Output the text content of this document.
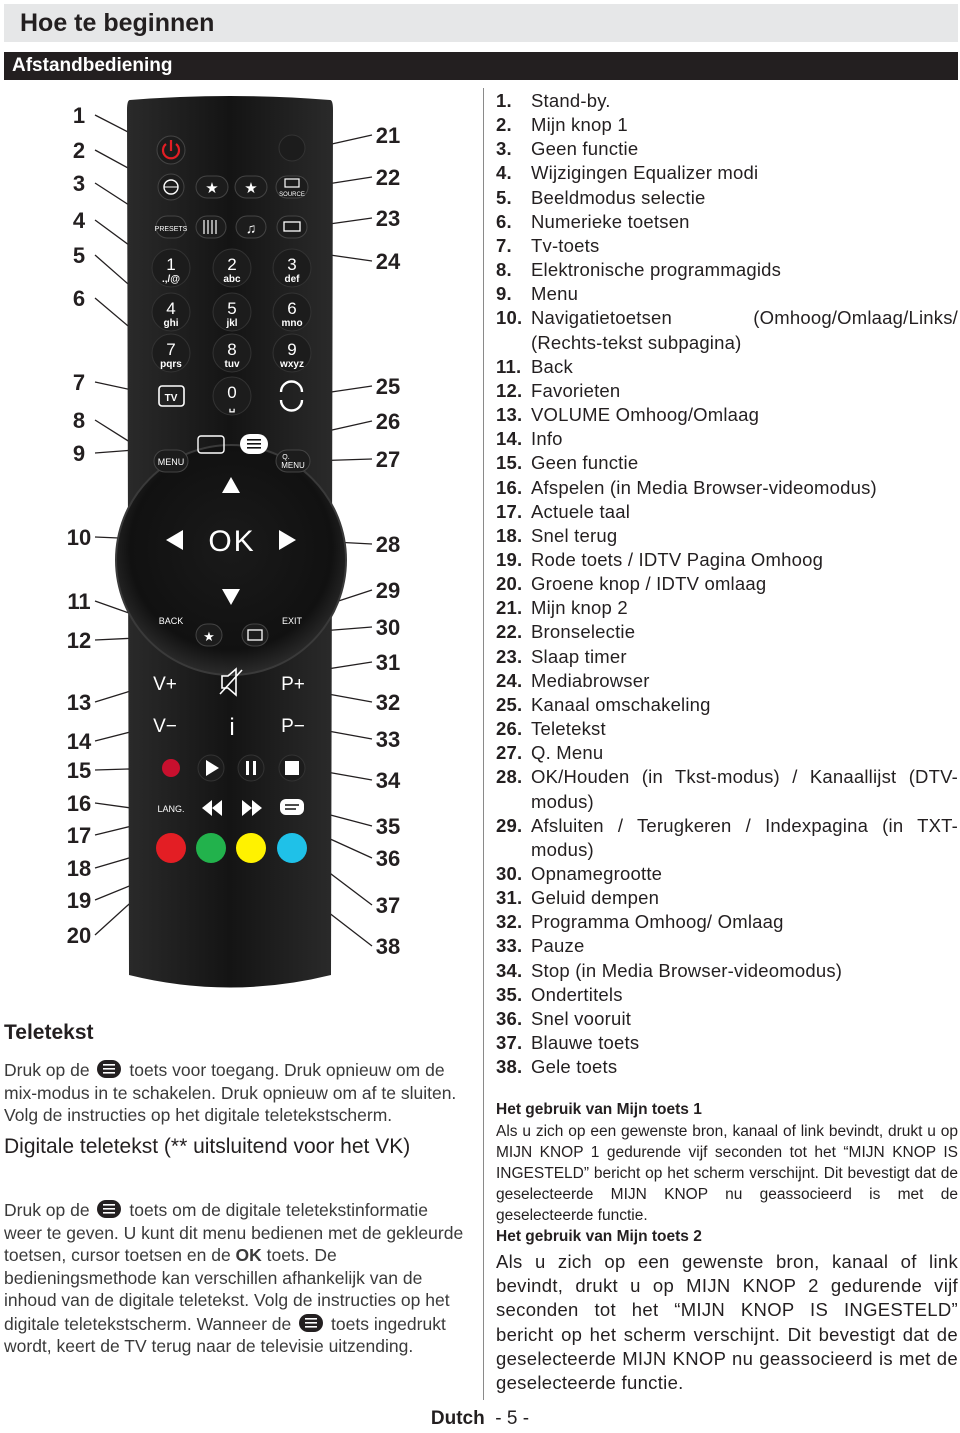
Hoe te beginnen
Afstandbediening
★ ★	SOURCE
PRESETS	♫
1
.,/@
2
abc
3
def
4
ghi
5
jkl
6
mno
7
pqrs
8
tuv
9
wxyz
0
␣
TV
MENU	Q.
MENU
OK
BACK	EXIT
★
V+
V−
P+
P−
i
LANG.
1
2
3
4
5
6
7
8
9
10
11
12
13
14
15
16
17
18
19
20
21
22
23
24
25
26
27
28
29
30
31
32
33
34
35
36
37
38
Teletekst
Druk op de toets voor toegang. Druk opnieuw om de mix-modus in te schakelen. Druk opnieuw om af te sluiten. Volg de instructies op het digitale teletekstscherm.
Digitale teletekst (** uitsluitend voor het VK)
Druk op de toets om de digitale teletekstinformatie weer te geven. U kunt dit menu bedienen met de gekleurde toetsen, cursor toetsen en de OK toets. De bedieningsmethode kan verschillen afhankelijk van de inhoud van de digitale teletekst. Volg de instructies op het digitale teletekstscherm. Wanneer de toets ingedrukt wordt, keert de TV terug naar de televisie uitzending.
1.	Stand-by.
2.	Mijn knop 1
3.	Geen functie
4.	Wijzigingen Equalizer modi
5.	Beeldmodus selectie
6.	Numerieke toetsen
7.	Tv-toets
8.	Elektronische programmagids
9.	Menu
10. Navigatietoetsen (Omhoog/Omlaag/Links/ (Rechts-tekst subpagina)
11. Back
12. Favorieten
13. VOLUME Omhoog/Omlaag
14. Info
15. Geen functie
16. Afspelen (in Media Browser-videomodus)
17. Actuele taal
18. Snel terug
19. Rode toets / IDTV Pagina Omhoog
20. Groene knop / IDTV omlaag
21. Mijn knop 2
22. Bronselectie
23. Slaap timer
24. Mediabrowser
25. Kanaal omschakeling
26. Teletekst
27. Q. Menu
28. OK/Houden (in Tkst-modus) / Kanaallijst (DTV-modus)
29. Afsluiten / Terugkeren / Indexpagina (in TXT-modus)
30. Opnamegrootte
31. Geluid dempen
32. Programma Omhoog/ Omlaag
33. Pauze
34. Stop (in Media Browser-videomodus)
35. Ondertitels
36. Snel vooruit
37. Blauwe toets
38. Gele toets
Het gebruik van Mijn toets 1
Als u zich op een gewenste bron, kanaal of link bevindt, drukt u op MIJN KNOP 1 gedurende vijf seconden tot het “MIJN KNOP IS INGESTELD” bericht op het scherm verschijnt. Dit bevestigt dat de geselecteerde MIJN KNOP nu geassocieerd is met de geselecteerde functie.
Het gebruik van Mijn toets 2
Als u zich op een gewenste bron, kanaal of link bevindt, drukt u op MIJN KNOP 2 gedurende vijf seconden tot het “MIJN KNOP IS INGESTELD” bericht op het scherm verschijnt. Dit bevestigt dat de geselecteerde MIJN KNOP nu geassocieerd is met de geselecteerde functie.
Dutch - 5 -
